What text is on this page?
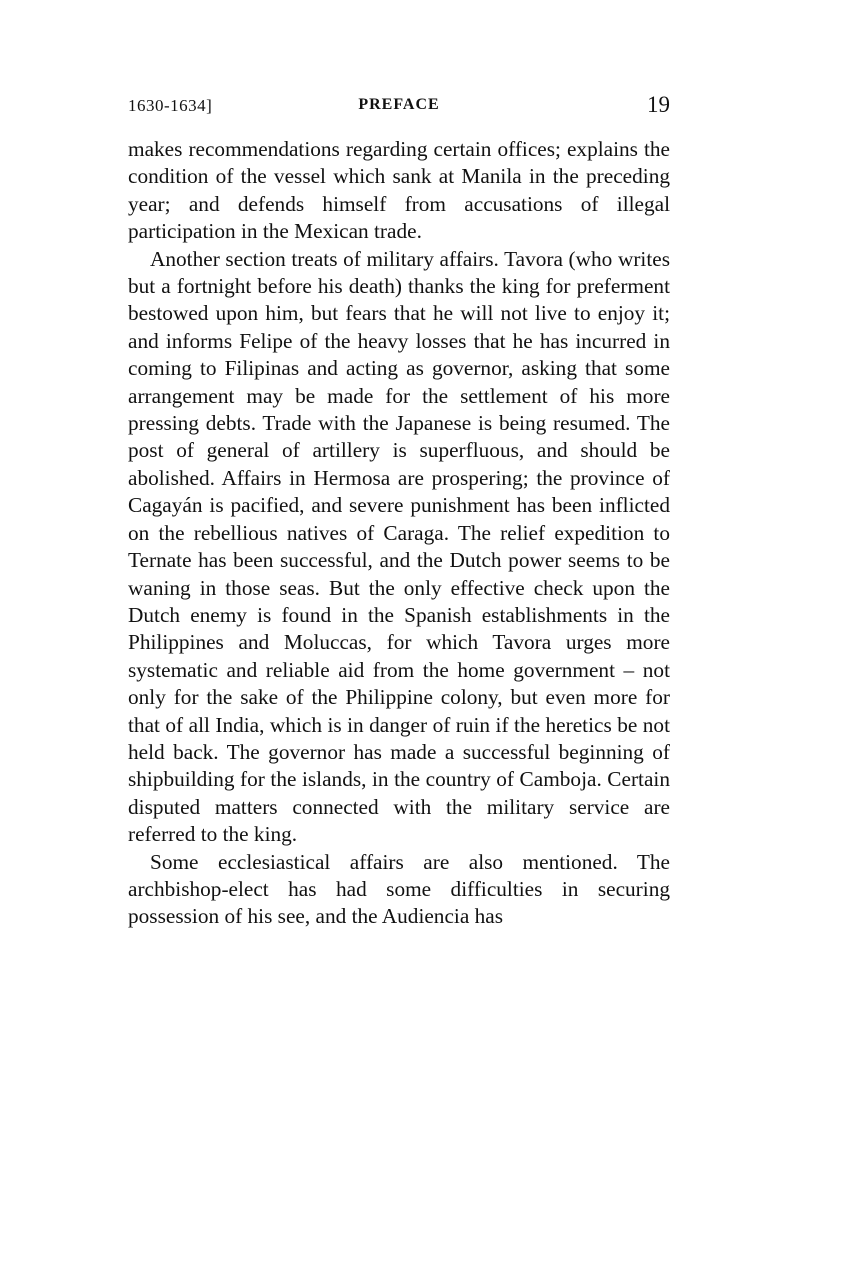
1630-1634]	PREFACE	19

makes recommendations regarding certain offices; explains the condition of the vessel which sank at Manila in the preceding year; and defends himself from accusations of illegal participation in the Mexican trade.

Another section treats of military affairs. Tavora (who writes but a fortnight before his death) thanks the king for preferment bestowed upon him, but fears that he will not live to enjoy it; and informs Felipe of the heavy losses that he has incurred in coming to Filipinas and acting as governor, asking that some arrangement may be made for the settlement of his more pressing debts. Trade with the Japanese is being resumed. The post of general of artillery is superfluous, and should be abolished. Affairs in Hermosa are prospering; the province of Cagayán is pacified, and severe punishment has been inflicted on the rebellious natives of Caraga. The relief expedition to Ternate has been successful, and the Dutch power seems to be waning in those seas. But the only effective check upon the Dutch enemy is found in the Spanish establishments in the Philippines and Moluccas, for which Tavora urges more systematic and reliable aid from the home government – not only for the sake of the Philippine colony, but even more for that of all India, which is in danger of ruin if the heretics be not held back. The governor has made a successful beginning of shipbuilding for the islands, in the country of Camboja. Certain disputed matters connected with the military service are referred to the king.

Some ecclesiastical affairs are also mentioned. The archbishop-elect has had some difficulties in securing possession of his see, and the Audiencia has
